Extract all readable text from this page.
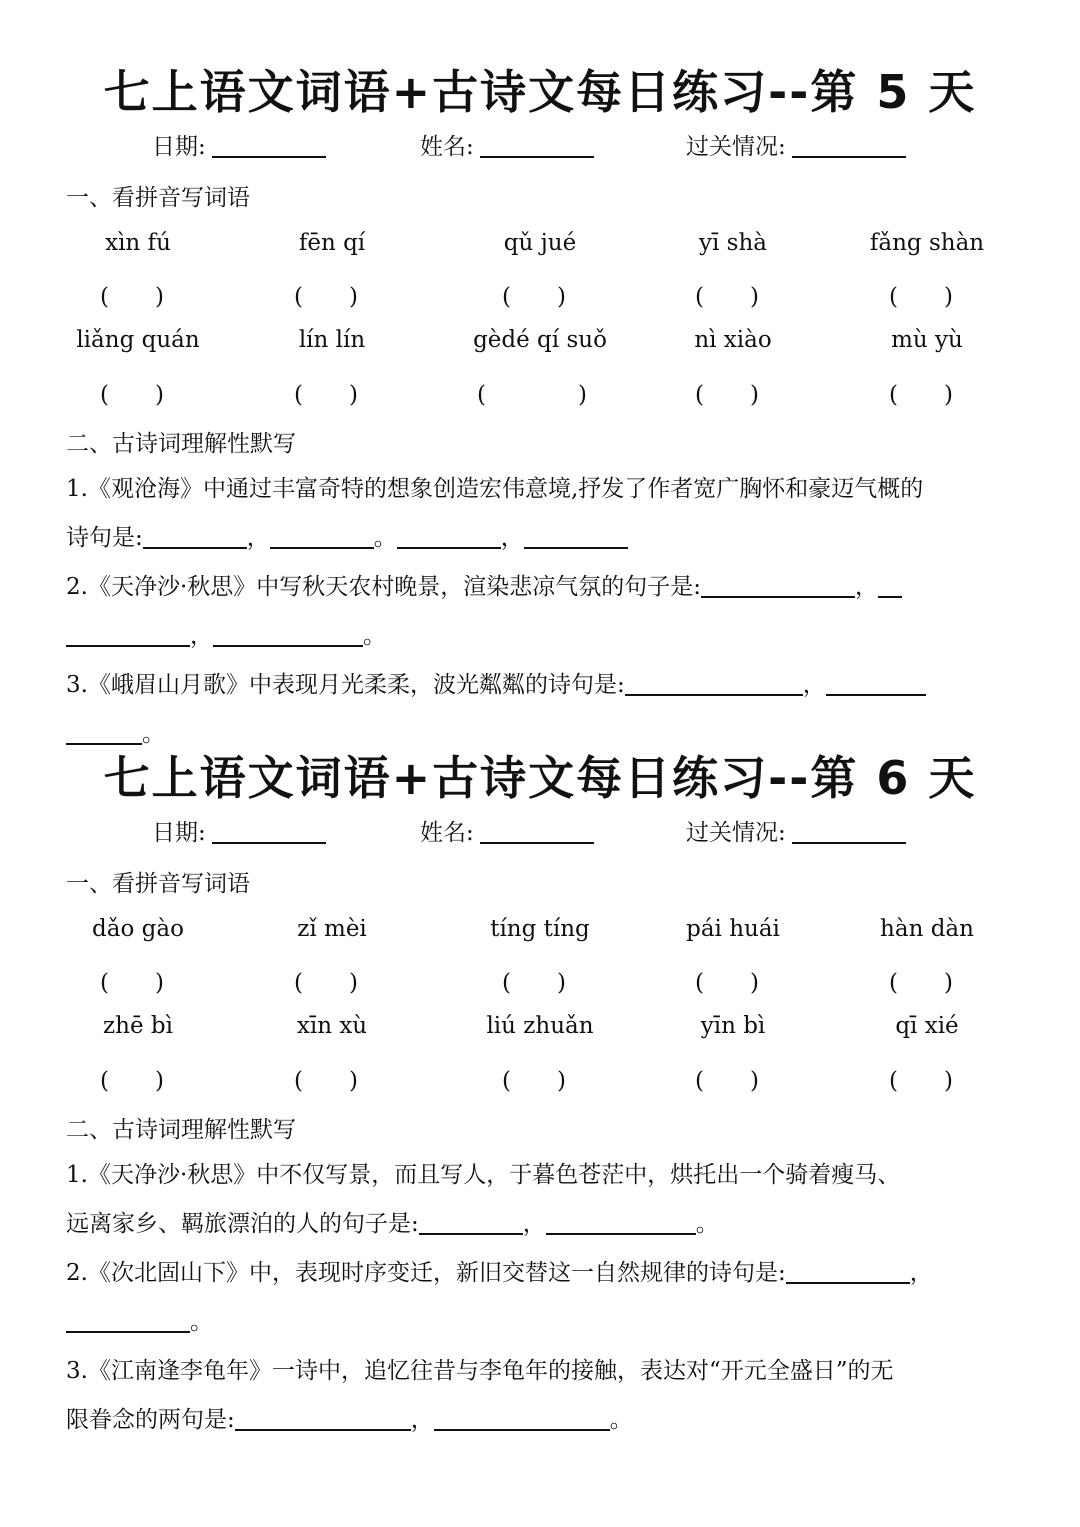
七上语文词语+古诗文每日练习--第 5 天
日期:	姓名:	过关情况:
一、看拼音写词语
xìn fú	fēn qí	qǔ jué	yī shà	fǎng shàn
(　　)	(　　)	(　　)	(　　)	(　　)
liǎng quán	lín lín	gèdé qí suǒ	nì xiào	mù yù
(　　)	(　　)	(　　　　)	(　　)	(　　)
二、古诗词理解性默写
1.《观沧海》中通过丰富奇特的想象创造宏伟意境,抒发了作者宽广胸怀和豪迈气概的
诗句是:	，	。	，
2.《天净沙·秋思》中写秋天农村晚景，渲染悲凉气氛的句子是:	，
，	。
3.《峨眉山月歌》中表现月光柔柔，波光粼粼的诗句是:	，
。
七上语文词语+古诗文每日练习--第 6 天
日期:	姓名:	过关情况:
一、看拼音写词语
dǎo gào	zǐ mèi	tíng tíng	pái huái	hàn dàn
(　　)	(　　)	(　　)	(　　)	(　　)
zhē bì	xīn xù	liú zhuǎn	yīn bì	qī xié
(　　)	(　　)	(　　)	(　　)	(　　)
二、古诗词理解性默写
1.《天净沙·秋思》中不仅写景，而且写人，于暮色苍茫中，烘托出一个骑着瘦马、
远离家乡、羁旅漂泊的人的句子是:	，	。
2.《次北固山下》中，表现时序变迁，新旧交替这一自然规律的诗句是:	，
。
3.《江南逢李龟年》一诗中，追忆往昔与李龟年的接触，表达对“开元全盛日”的无
限眷念的两句是:	，	。
